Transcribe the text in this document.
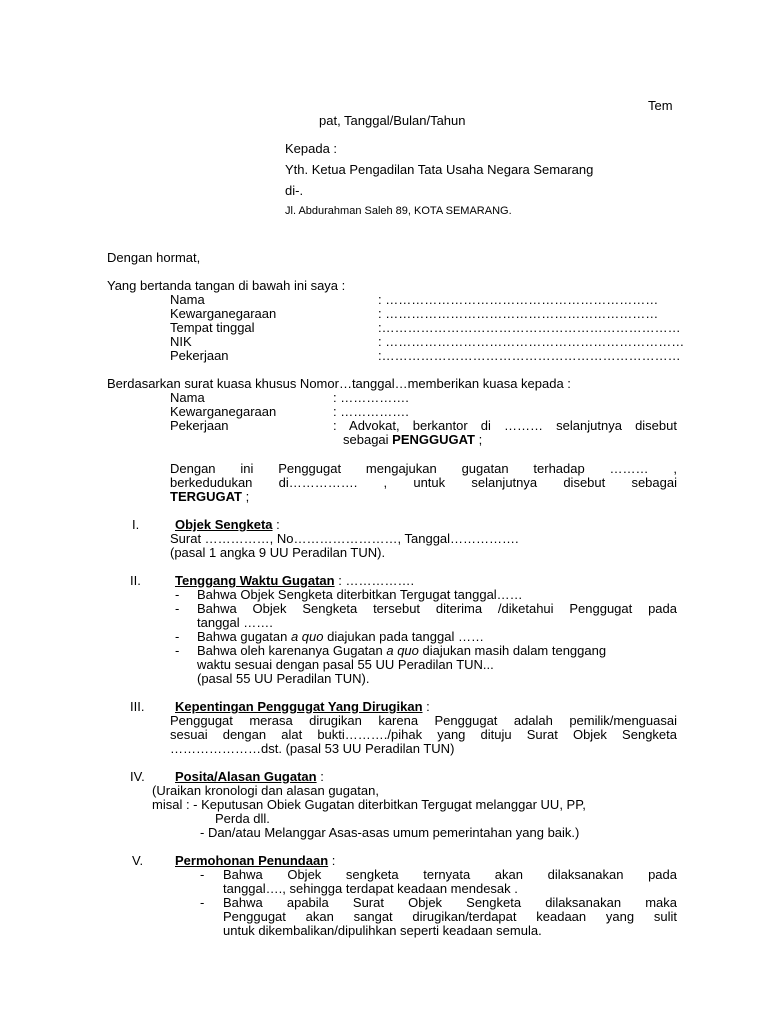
Tem
pat, Tanggal/Bulan/Tahun
Kepada :
Yth. Ketua Pengadilan Tata Usaha Negara Semarang
di-.
Jl. Abdurahman Saleh 89, KOTA SEMARANG.
Dengan hormat,
Yang bertanda tangan di bawah ini saya :
Nama	: ………………………………………………………
Kewarganegaraan	: ………………………………………………………
Tempat tinggal	:……………………………………………………………
NIK	: ……………………………………………………………
Pekerjaan	:……………………………………………………………
Berdasarkan surat kuasa khusus Nomor…tanggal…memberikan kuasa kepada :
Nama	: …………….
Kewarganegaraan	: …………….
Pekerjaan	: Advokat, berkantor di ……… selanjutnya disebut
sebagai PENGGUGAT ;
Dengan ini Penggugat mengajukan gugatan terhadap ……… ,
berkedudukan di……………. , untuk selanjutnya disebut sebagai
TERGUGAT ;
I.	Objek Sengketa :
Surat ……………, No……………………, Tanggal…………….
(pasal 1 angka 9 UU Peradilan TUN).
II.	Tenggang Waktu Gugatan : …………….
- Bahwa Objek Sengketa diterbitkan Tergugat tanggal……
- Bahwa Objek Sengketa tersebut diterima /diketahui Penggugat pada
tanggal …….
- Bahwa gugatan a quo diajukan pada tanggal ……
- Bahwa oleh karenanya Gugatan a quo diajukan masih dalam tenggang
waktu sesuai dengan pasal 55 UU Peradilan TUN...
(pasal 55 UU Peradilan TUN).
III. Kepentingan Penggugat Yang Dirugikan :
Penggugat merasa dirugikan karena Penggugat adalah pemilik/menguasai
sesuai dengan alat bukti………./pihak yang dituju Surat Objek Sengketa
…………………dst. (pasal 53 UU Peradilan TUN)
IV. Posita/Alasan Gugatan :
(Uraikan kronologi dan alasan gugatan,
misal : - Keputusan Obiek Gugatan diterbitkan Tergugat melanggar UU, PP,
Perda dll.
- Dan/atau Melanggar Asas-asas umum pemerintahan yang baik.)
V. Permohonan Penundaan :
- Bahwa Objek sengketa ternyata akan dilaksanakan pada
tanggal…., sehingga terdapat keadaan mendesak .
- Bahwa apabila Surat Objek Sengketa dilaksanakan maka
Penggugat akan sangat dirugikan/terdapat keadaan yang sulit
untuk dikembalikan/dipulihkan seperti keadaan semula.
